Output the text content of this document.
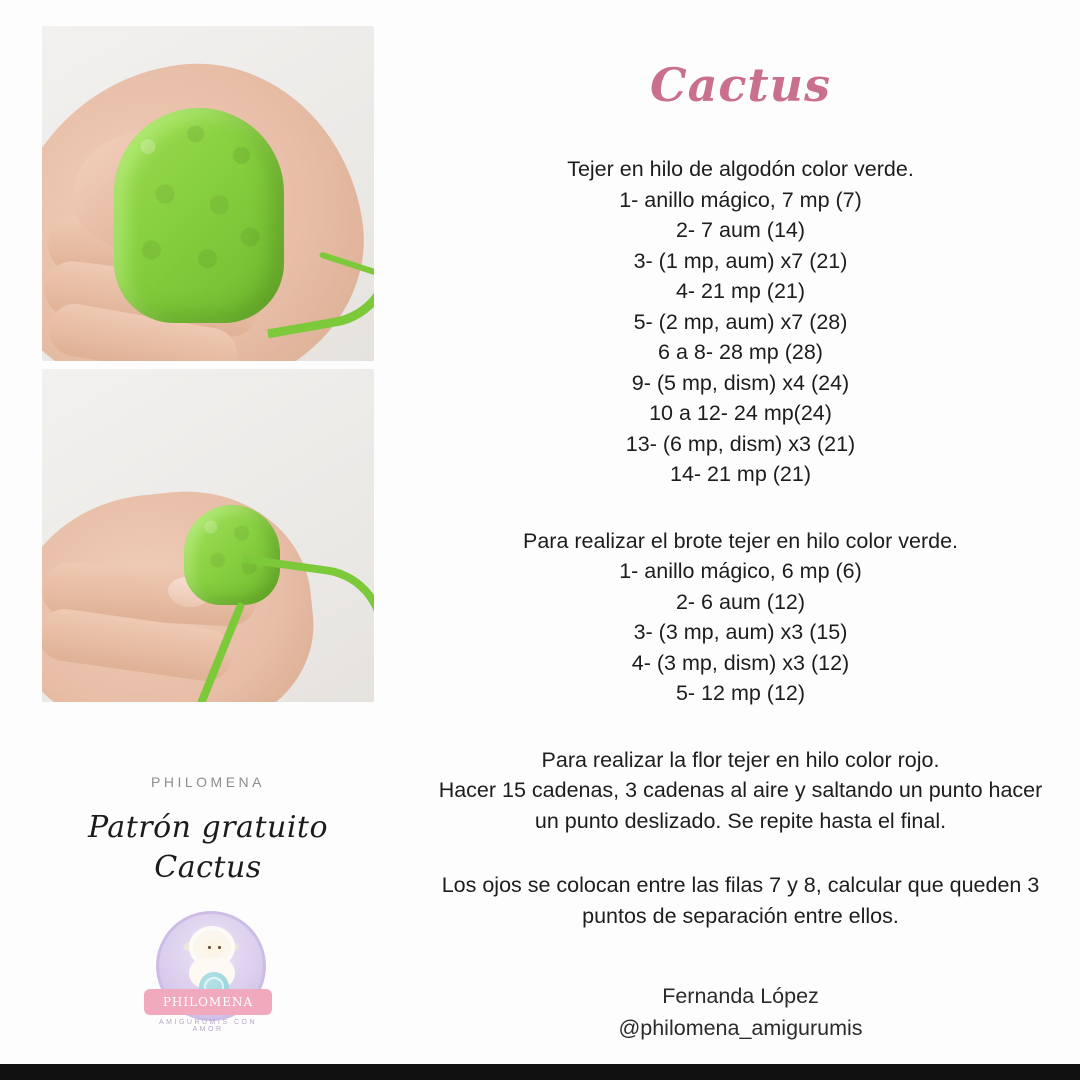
PHILOMENA
Patrón gratuito
Cactus
PHILOMENA
AMIGURUMIS CON AMOR
Cactus
Tejer en hilo de algodón color verde.
1- anillo mágico, 7 mp (7)
2- 7 aum (14)
3- (1 mp, aum) x7 (21)
4- 21 mp (21)
5- (2 mp, aum) x7 (28)
6 a 8- 28 mp (28)
9- (5 mp, dism) x4 (24)
10 a 12- 24 mp(24)
13- (6 mp, dism) x3 (21)
14- 21 mp (21)
Para realizar el brote tejer en hilo color verde.
1- anillo mágico, 6 mp (6)
2- 6 aum (12)
3- (3 mp, aum) x3 (15)
4- (3 mp, dism) x3 (12)
5- 12 mp (12)
Para realizar la flor tejer en hilo color rojo.
Hacer 15 cadenas, 3 cadenas al aire y saltando un punto hacer
un punto deslizado. Se repite hasta el final.
Los ojos se colocan entre las filas 7 y 8, calcular que queden 3
puntos de separación entre ellos.
Fernanda López
@philomena_amigurumis
